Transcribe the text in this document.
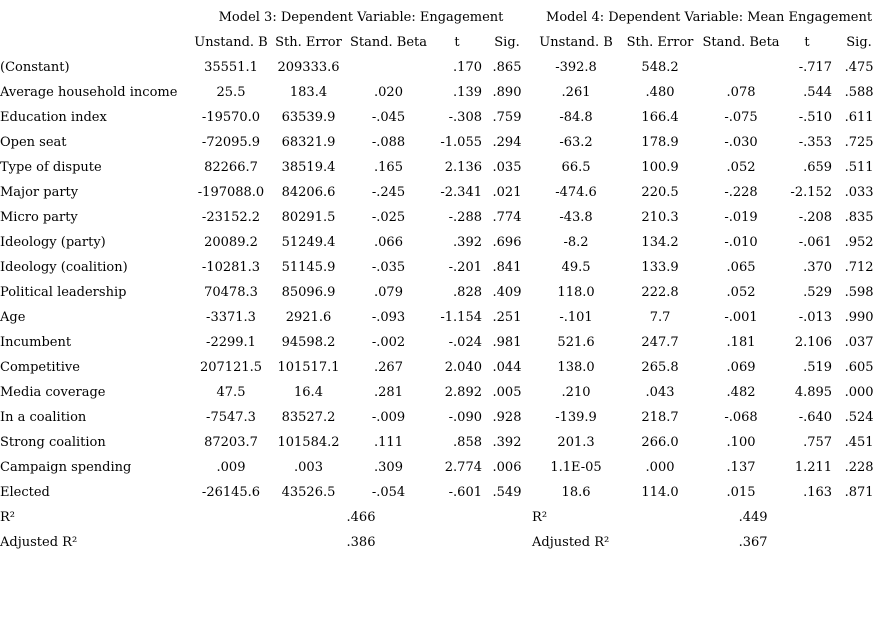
	Model 3: Dependent Variable: Engagement					Model 4: Dependent Variable: Mean Engagement				
	Unstand. B	Sth. Error	Stand. Beta	t	Sig.	Unstand. B	Sth. Error	Stand. Beta	t	Sig.
(Constant)	35551.1	209333.6		.170	.865	-392.8	548.2		-.717	.475
Average household income	25.5	183.4	.020	.139	.890	.261	.480	.078	.544	.588
Education index	-19570.0	63539.9	-.045	-.308	.759	-84.8	166.4	-.075	-.510	.611
Open seat	-72095.9	68321.9	-.088	-1.055	.294	-63.2	178.9	-.030	-.353	.725
Type of dispute	82266.7	38519.4	.165	2.136	.035	66.5	100.9	.052	.659	.511
Major party	-197088.0	84206.6	-.245	-2.341	.021	-474.6	220.5	-.228	-2.152	.033
Micro party	-23152.2	80291.5	-.025	-.288	.774	-43.8	210.3	-.019	-.208	.835
Ideology (party)	20089.2	51249.4	.066	.392	.696	-8.2	134.2	-.010	-.061	.952
Ideology (coalition)	-10281.3	51145.9	-.035	-.201	.841	49.5	133.9	.065	.370	.712
Political leadership	70478.3	85096.9	.079	.828	.409	118.0	222.8	.052	.529	.598
Age	-3371.3	2921.6	-.093	-1.154	.251	-.101	7.7	-.001	-.013	.990
Incumbent	-2299.1	94598.2	-.002	-.024	.981	521.6	247.7	.181	2.106	.037
Competitive	207121.5	101517.1	.267	2.040	.044	138.0	265.8	.069	.519	.605
Media coverage	47.5	16.4	.281	2.892	.005	.210	.043	.482	4.895	.000
In a coalition	-7547.3	83527.2	-.009	-.090	.928	-139.9	218.7	-.068	-.640	.524
Strong coalition	87203.7	101584.2	.111	.858	.392	201.3	266.0	.100	.757	.451
Campaign spending	.009	.003	.309	2.774	.006	1.1E-05	.000	.137	1.211	.228
Elected	-26145.6	43526.5	-.054	-.601	.549	18.6	114.0	.015	.163	.871
R²	.466					R²	.449			
Adjusted R²	.386					Adjusted R²	.367			
